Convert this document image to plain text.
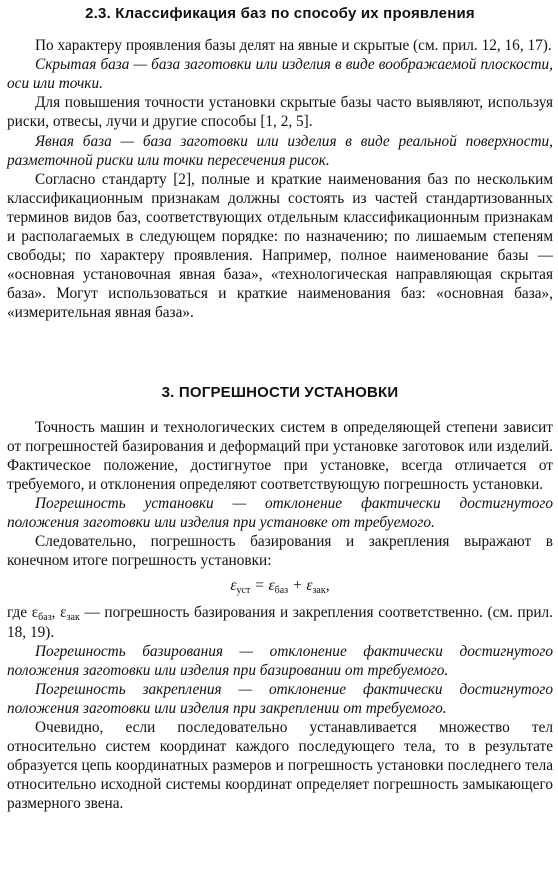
2.3. Классификация баз по способу их проявления

По характеру проявления базы делят на явные и скрытые (см. прил. 12, 16, 17).

Скрытая база — база заготовки или изделия в виде воображаемой плоскости, оси или точки.

Для повышения точности установки скрытые базы часто выявляют, используя риски, отвесы, лучи и другие способы [1, 2, 5].

Явная база — база заготовки или изделия в виде реальной поверхности, разметочной риски или точки пересечения рисок.

Согласно стандарту [2], полные и краткие наименования баз по нескольким классификационным признакам должны состоять из частей стандартизованных терминов видов баз, соответствующих отдельным классификационным признакам и располагаемых в следующем порядке: по назначению; по лишаемым степеням свободы; по характеру проявления. Например, полное наименование базы — «основная установочная явная база», «технологическая направляющая скрытая база». Могут использоваться и краткие наименования баз: «основная база», «измерительная явная база».

3. ПОГРЕШНОСТИ УСТАНОВКИ

Точность машин и технологических систем в определяющей степени зависит от погрешностей базирования и деформаций при установке заготовок или изделий. Фактическое положение, достигнутое при установке, всегда отличается от требуемого, и отклонения определяют соответствующую погрешность установки.

Погрешность установки — отклонение фактически достигнутого положения заготовки или изделия при установке от требуемого.

Следовательно, погрешность базирования и закрепления выражают в конечном итоге погрешность установки:

$\varepsilon_{уст} = \varepsilon_{баз} + \varepsilon_{зак}$,

где $\varepsilon_{баз}$, $\varepsilon_{зак}$ — погрешность базирования и закрепления соответственно. (см. прил. 18, 19).

Погрешность базирования — отклонение фактически достигнутого положения заготовки или изделия при базировании от требуемого.

Погрешность закрепления — отклонение фактически достигнутого положения заготовки или изделия при закреплении от требуемого.

Очевидно, если последовательно устанавливается множество тел относительно систем координат каждого последующего тела, то в результате образуется цепь координатных размеров и погрешность установки последнего тела относительно исходной системы координат определяет погрешность замыкающего размерного звена.
